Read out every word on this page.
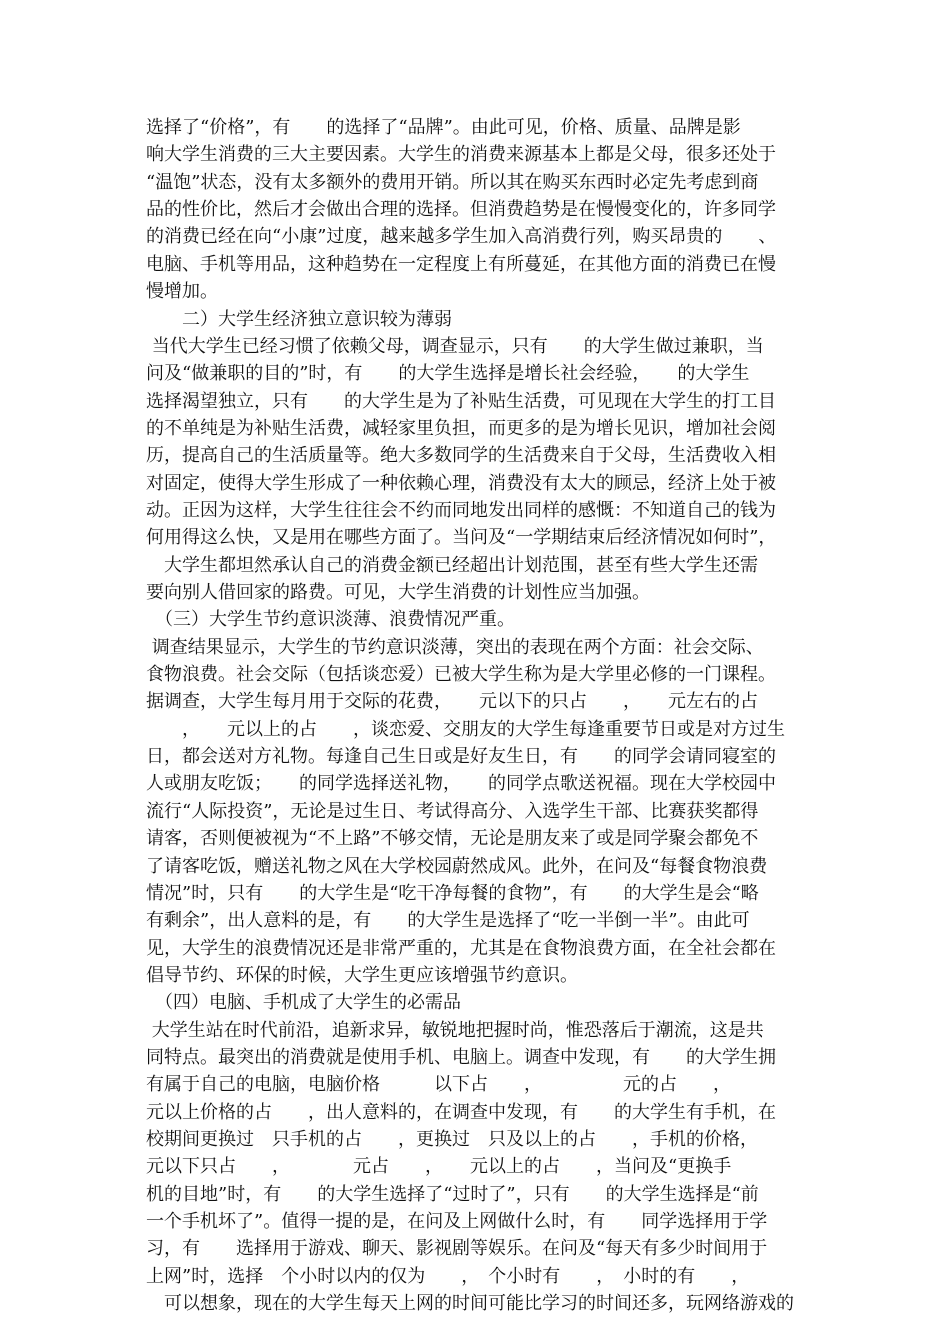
选择了“价格”，有　　的选择了“品牌”。由此可见，价格、质量、品牌是影

响大学生消费的三大主要因素。大学生的消费来源基本上都是父母，很多还处于

“温饱”状态，没有太多额外的费用开销。所以其在购买东西时必定先考虑到商

品的性价比，然后才会做出合理的选择。但消费趋势是在慢慢变化的，许多同学

的消费已经在向“小康”过度，越来越多学生加入高消费行列，购买昂贵的　　、

电脑、手机等用品，这种趋势在一定程度上有所蔓延，在其他方面的消费已在慢

慢增加。

　　二）大学生经济独立意识较为薄弱

当代大学生已经习惯了依赖父母，调查显示，只有　　的大学生做过兼职，当

问及“做兼职的目的”时，有　　的大学生选择是增长社会经验，　　的大学生

选择渴望独立，只有　　的大学生是为了补贴生活费，可见现在大学生的打工目

的不单纯是为补贴生活费，减轻家里负担，而更多的是为增长见识，增加社会阅

历，提高自己的生活质量等。绝大多数同学的生活费来自于父母，生活费收入相

对固定，使得大学生形成了一种依赖心理，消费没有太大的顾忌，经济上处于被

动。正因为这样，大学生往往会不约而同地发出同样的感慨：不知道自己的钱为

何用得这么快，又是用在哪些方面了。当问及“一学期结束后经济情况如何时”，

　大学生都坦然承认自己的消费金额已经超出计划范围，甚至有些大学生还需

要向别人借回家的路费。可见，大学生消费的计划性应当加强。

　（三）大学生节约意识淡薄、浪费情况严重。

调查结果显示，大学生的节约意识淡薄，突出的表现在两个方面：社会交际、

食物浪费。社会交际（包括谈恋爱）已被大学生称为是大学里必修的一门课程。

据调查，大学生每月用于交际的花费，　　元以下的只占　　，　　元左右的占

　　，　　元以上的占　　，谈恋爱、交朋友的大学生每逢重要节日或是对方过生

日，都会送对方礼物。每逢自己生日或是好友生日，有　　的同学会请同寝室的

人或朋友吃饭；　　的同学选择送礼物，　　的同学点歌送祝福。现在大学校园中

流行“人际投资”，无论是过生日、考试得高分、入选学生干部、比赛获奖都得

请客，否则便被视为“不上路”不够交情，无论是朋友来了或是同学聚会都免不

了请客吃饭，赠送礼物之风在大学校园蔚然成风。此外，在问及“每餐食物浪费

情况”时，只有　　的大学生是“吃干净每餐的食物”，有　　的大学生是会“略

有剩余”，出人意料的是，有　　的大学生是选择了“吃一半倒一半”。由此可

见，大学生的浪费情况还是非常严重的，尤其是在食物浪费方面，在全社会都在

倡导节约、环保的时候，大学生更应该增强节约意识。

　（四）电脑、手机成了大学生的必需品

大学生站在时代前沿，追新求异，敏锐地把握时尚，惟恐落后于潮流，这是共

同特点。最突出的消费就是使用手机、电脑上。调查中发现，有　　的大学生拥

有属于自己的电脑，电脑价格　　　以下占　　，　　　　　元的占　　，

元以上价格的占　　，出人意料的，在调查中发现，有　　的大学生有手机，在

校期间更换过　只手机的占　　，更换过　只及以上的占　　，手机的价格，

元以下只占　　，　　　　元占　　，　　元以上的占　　，当问及“更换手

机的目地”时，有　　的大学生选择了“过时了”，只有　　的大学生选择是“前

一个手机坏了”。值得一提的是，在问及上网做什么时，有　　同学选择用于学

习，有　　选择用于游戏、聊天、影视剧等娱乐。在问及“每天有多少时间用于

上网”时，选择　个小时以内的仅为　　，　个小时有　　，　小时的有　　，

　可以想象，现在的大学生每天上网的时间可能比学习的时间还多，玩网络游戏的
